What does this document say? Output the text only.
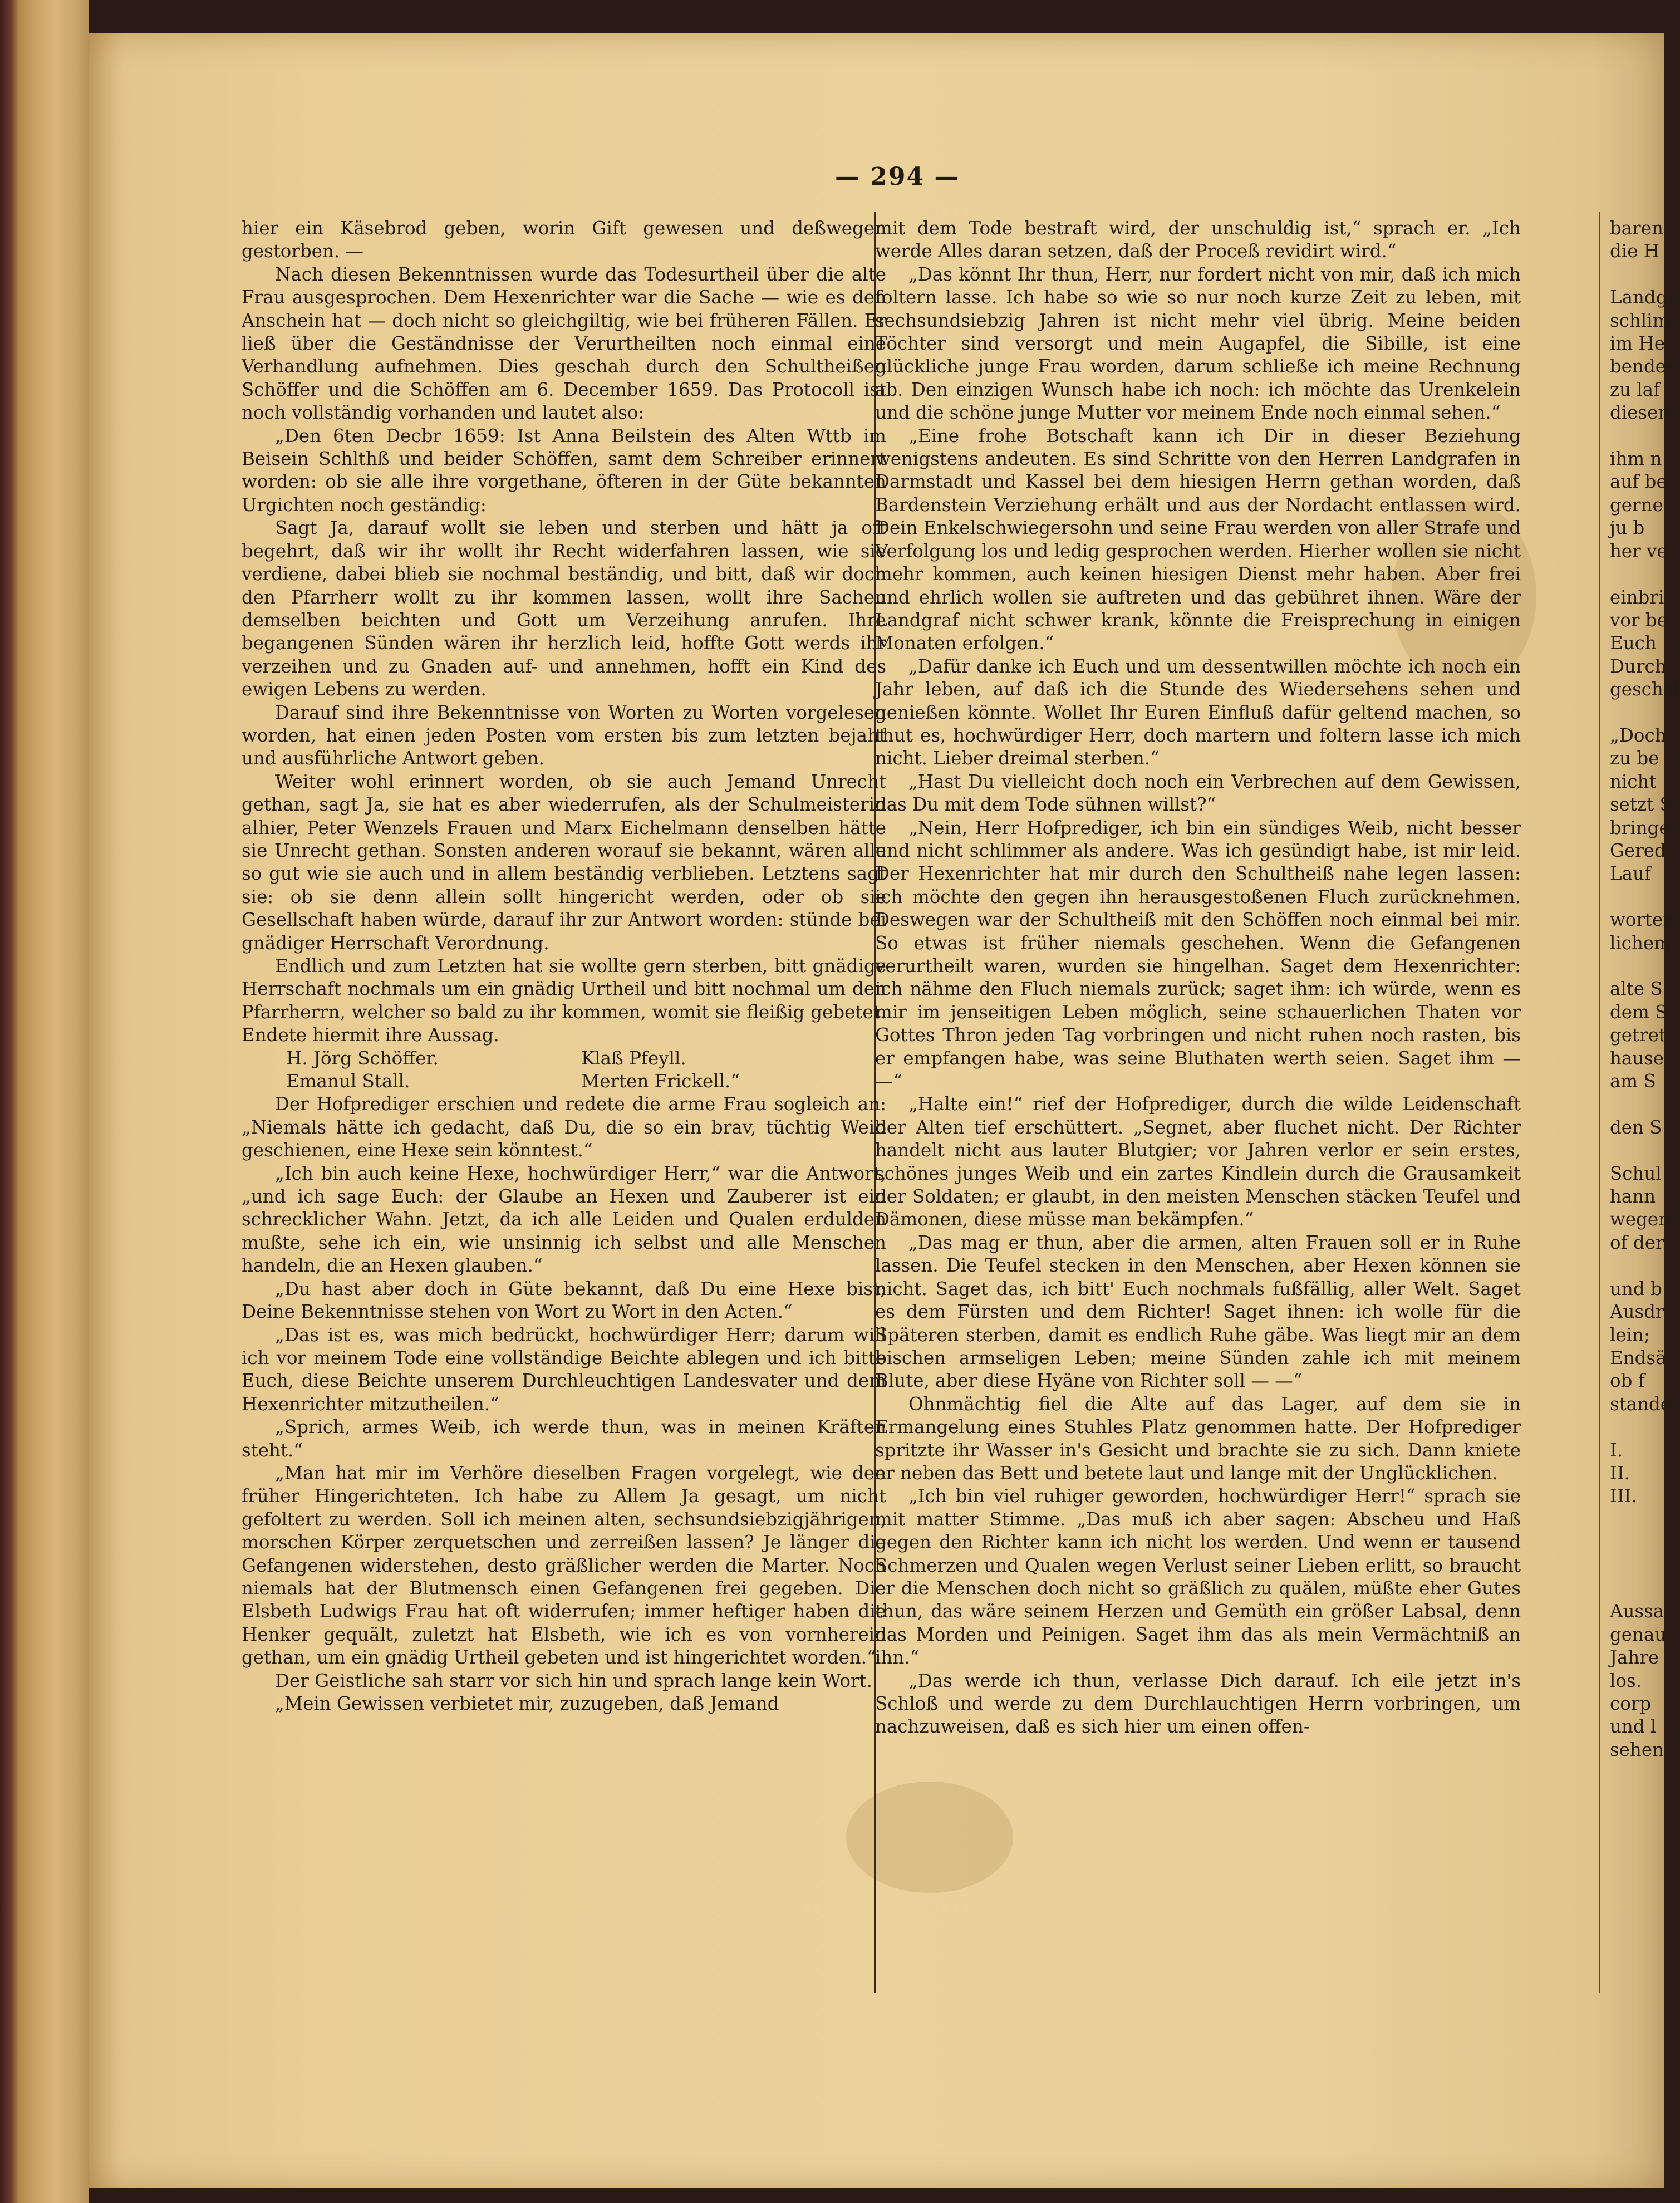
— 294 —

hier ein Käsebrod geben, worin Gift gewesen und deßwegen gestorben. —

Nach diesen Bekenntnissen wurde das Todesurtheil über die alte Frau ausgesprochen. Dem Hexenrichter war die Sache — wie es den Anschein hat — doch nicht so gleichgiltig, wie bei früheren Fällen. Er ließ über die Geständnisse der Verurtheilten noch einmal eine Verhandlung aufnehmen. Dies geschah durch den Schultheißen Schöffer und die Schöffen am 6. December 1659. Das Protocoll ist noch vollständig vorhanden und lautet also:

„Den 6ten Decbr 1659: Ist Anna Beilstein des Alten Wttb im Beisein Schlthß und beider Schöffen, samt dem Schreiber erinnert worden: ob sie alle ihre vorgethane, öfteren in der Güte bekannten Urgichten noch geständig:

Sagt Ja, darauf wollt sie leben und sterben und hätt ja oft begehrt, daß wir ihr wollt ihr Recht widerfahren lassen, wie sie verdiene, dabei blieb sie nochmal beständig, und bitt, daß wir doch den Pfarrherr wollt zu ihr kommen lassen, wollt ihre Sachen demselben beichten und Gott um Verzeihung anrufen. Ihre begangenen Sünden wären ihr herzlich leid, hoffte Gott werds ihr verzeihen und zu Gnaden auf- und annehmen, hofft ein Kind des ewigen Lebens zu werden.

Darauf sind ihre Bekenntnisse von Worten zu Worten vorgelesen worden, hat einen jeden Posten vom ersten bis zum letzten bejaht und ausführliche Antwort geben.

Weiter wohl erinnert worden, ob sie auch Jemand Unrecht gethan, sagt Ja, sie hat es aber wiederrufen, als der Schulmeisterin alhier, Peter Wenzels Frauen und Marx Eichelmann denselben hätte sie Unrecht gethan. Sonsten anderen worauf sie bekannt, wären alle so gut wie sie auch und in allem beständig verblieben. Letztens sagt sie: ob sie denn allein sollt hingericht werden, oder ob sie Gesellschaft haben würde, darauf ihr zur Antwort worden: stünde bei gnädiger Herrschaft Verordnung.

Endlich und zum Letzten hat sie wollte gern sterben, bitt gnädige Herrschaft nochmals um ein gnädig Urtheil und bitt nochmal um den Pfarrherrn, welcher so bald zu ihr kommen, womit sie fleißig gebetet. Endete hiermit ihre Aussag.

H. Jörg Schöffer.	Klaß Pfeyll.
Emanul Stall.	Merten Frickell.“

Der Hofprediger erschien und redete die arme Frau sogleich an: „Niemals hätte ich gedacht, daß Du, die so ein brav, tüchtig Weib geschienen, eine Hexe sein könntest.“

„Ich bin auch keine Hexe, hochwürdiger Herr,“ war die Antwort, „und ich sage Euch: der Glaube an Hexen und Zauberer ist ein schrecklicher Wahn. Jetzt, da ich alle Leiden und Qualen erdulden mußte, sehe ich ein, wie unsinnig ich selbst und alle Menschen handeln, die an Hexen glauben.“

„Du hast aber doch in Güte bekannt, daß Du eine Hexe bist; Deine Bekenntnisse stehen von Wort zu Wort in den Acten.“

„Das ist es, was mich bedrückt, hochwürdiger Herr; darum will ich vor meinem Tode eine vollständige Beichte ablegen und ich bitte Euch, diese Beichte unserem Durchleuchtigen Landesvater und dem Hexenrichter mitzutheilen.“

„Sprich, armes Weib, ich werde thun, was in meinen Kräften steht.“

„Man hat mir im Verhöre dieselben Fragen vorgelegt, wie den früher Hingerichteten. Ich habe zu Allem Ja gesagt, um nicht gefoltert zu werden. Soll ich meinen alten, sechsundsiebzigjährigen, morschen Körper zerquetschen und zerreißen lassen? Je länger die Gefangenen widerstehen, desto gräßlicher werden die Marter. Noch niemals hat der Blutmensch einen Gefangenen frei gegeben. Die Elsbeth Ludwigs Frau hat oft widerrufen; immer heftiger haben die Henker gequält, zuletzt hat Elsbeth, wie ich es von vornherein gethan, um ein gnädig Urtheil gebeten und ist hingerichtet worden.“

Der Geistliche sah starr vor sich hin und sprach lange kein Wort.

„Mein Gewissen verbietet mir, zuzugeben, daß Jemand

mit dem Tode bestraft wird, der unschuldig ist,“ sprach er. „Ich werde Alles daran setzen, daß der Proceß revidirt wird.“

„Das könnt Ihr thun, Herr, nur fordert nicht von mir, daß ich mich foltern lasse. Ich habe so wie so nur noch kurze Zeit zu leben, mit sechsundsiebzig Jahren ist nicht mehr viel übrig. Meine beiden Töchter sind versorgt und mein Augapfel, die Sibille, ist eine glückliche junge Frau worden, darum schließe ich meine Rechnung ab. Den einzigen Wunsch habe ich noch: ich möchte das Urenkelein und die schöne junge Mutter vor meinem Ende noch einmal sehen.“

„Eine frohe Botschaft kann ich Dir in dieser Beziehung wenigstens andeuten. Es sind Schritte von den Herren Landgrafen in Darmstadt und Kassel bei dem hiesigen Herrn gethan worden, daß Bardenstein Verziehung erhält und aus der Nordacht entlassen wird. Dein Enkelschwiegersohn und seine Frau werden von aller Strafe und Verfolgung los und ledig gesprochen werden. Hierher wollen sie nicht mehr kommen, auch keinen hiesigen Dienst mehr haben. Aber frei und ehrlich wollen sie auftreten und das gebühret ihnen. Wäre der Landgraf nicht schwer krank, könnte die Freisprechung in einigen Monaten erfolgen.“

„Dafür danke ich Euch und um dessentwillen möchte ich noch ein Jahr leben, auf daß ich die Stunde des Wiedersehens sehen und genießen könnte. Wollet Ihr Euren Einfluß dafür geltend machen, so thut es, hochwürdiger Herr, doch martern und foltern lasse ich mich nicht. Lieber dreimal sterben.“

„Hast Du vielleicht doch noch ein Verbrechen auf dem Gewissen, das Du mit dem Tode sühnen willst?“

„Nein, Herr Hofprediger, ich bin ein sündiges Weib, nicht besser und nicht schlimmer als andere. Was ich gesündigt habe, ist mir leid. Der Hexenrichter hat mir durch den Schultheiß nahe legen lassen: ich möchte den gegen ihn herausgestoßenen Fluch zurücknehmen. Deswegen war der Schultheiß mit den Schöffen noch einmal bei mir. So etwas ist früher niemals geschehen. Wenn die Gefangenen verurtheilt waren, wurden sie hingelhan. Saget dem Hexenrichter: ich nähme den Fluch niemals zurück; saget ihm: ich würde, wenn es mir im jenseitigen Leben möglich, seine schauerlichen Thaten vor Gottes Thron jeden Tag vorbringen und nicht ruhen noch rasten, bis er empfangen habe, was seine Bluthaten werth seien. Saget ihm — —“

„Halte ein!“ rief der Hofprediger, durch die wilde Leidenschaft der Alten tief erschüttert. „Segnet, aber fluchet nicht. Der Richter handelt nicht aus lauter Blutgier; vor Jahren verlor er sein erstes, schönes junges Weib und ein zartes Kindlein durch die Grausamkeit der Soldaten; er glaubt, in den meisten Menschen stäcken Teufel und Dämonen, diese müsse man bekämpfen.“

„Das mag er thun, aber die armen, alten Frauen soll er in Ruhe lassen. Die Teufel stecken in den Menschen, aber Hexen können sie nicht. Saget das, ich bitt' Euch nochmals fußfällig, aller Welt. Saget es dem Fürsten und dem Richter! Saget ihnen: ich wolle für die Späteren sterben, damit es endlich Ruhe gäbe. Was liegt mir an dem bischen armseligen Leben; meine Sünden zahle ich mit meinem Blute, aber diese Hyäne von Richter soll — —“

Ohnmächtig fiel die Alte auf das Lager, auf dem sie in Ermangelung eines Stuhles Platz genommen hatte. Der Hofprediger spritzte ihr Wasser in's Gesicht und brachte sie zu sich. Dann kniete er neben das Bett und betete laut und lange mit der Unglücklichen.

„Ich bin viel ruhiger geworden, hochwürdiger Herr!“ sprach sie mit matter Stimme. „Das muß ich aber sagen: Abscheu und Haß gegen den Richter kann ich nicht los werden. Und wenn er tausend Schmerzen und Qualen wegen Verlust seiner Lieben erlitt, so braucht er die Menschen doch nicht so gräßlich zu quälen, müßte eher Gutes thun, das wäre seinem Herzen und Gemüth ein größer Labsal, denn das Morden und Peinigen. Saget ihm das als mein Vermächtniß an ihn.“

„Das werde ich thun, verlasse Dich darauf. Ich eile jetzt in's Schloß und werde zu dem Durchlauchtigen Herrn vorbringen, um nachzuweisen, daß es sich hier um einen offen-

baren

die H

Landg

schlim

im He

benden

zu laf

diesen

ihm n

auf be

gerne

ju b

her ve

einbri

vor be

Euch

Durch

geschal

„Doch

zu be

nicht

setzt S

bringe

Gered

Lauf

worter

lichem

alte S

dem S

getret

hause

am S

den S

Schul

hann

wegen

of der

und b

Ausdr

lein;

Endsä

ob f

stande

I.

II.

III.

Aussa

genau

Jahre

los.

corp

und l

sehen,
